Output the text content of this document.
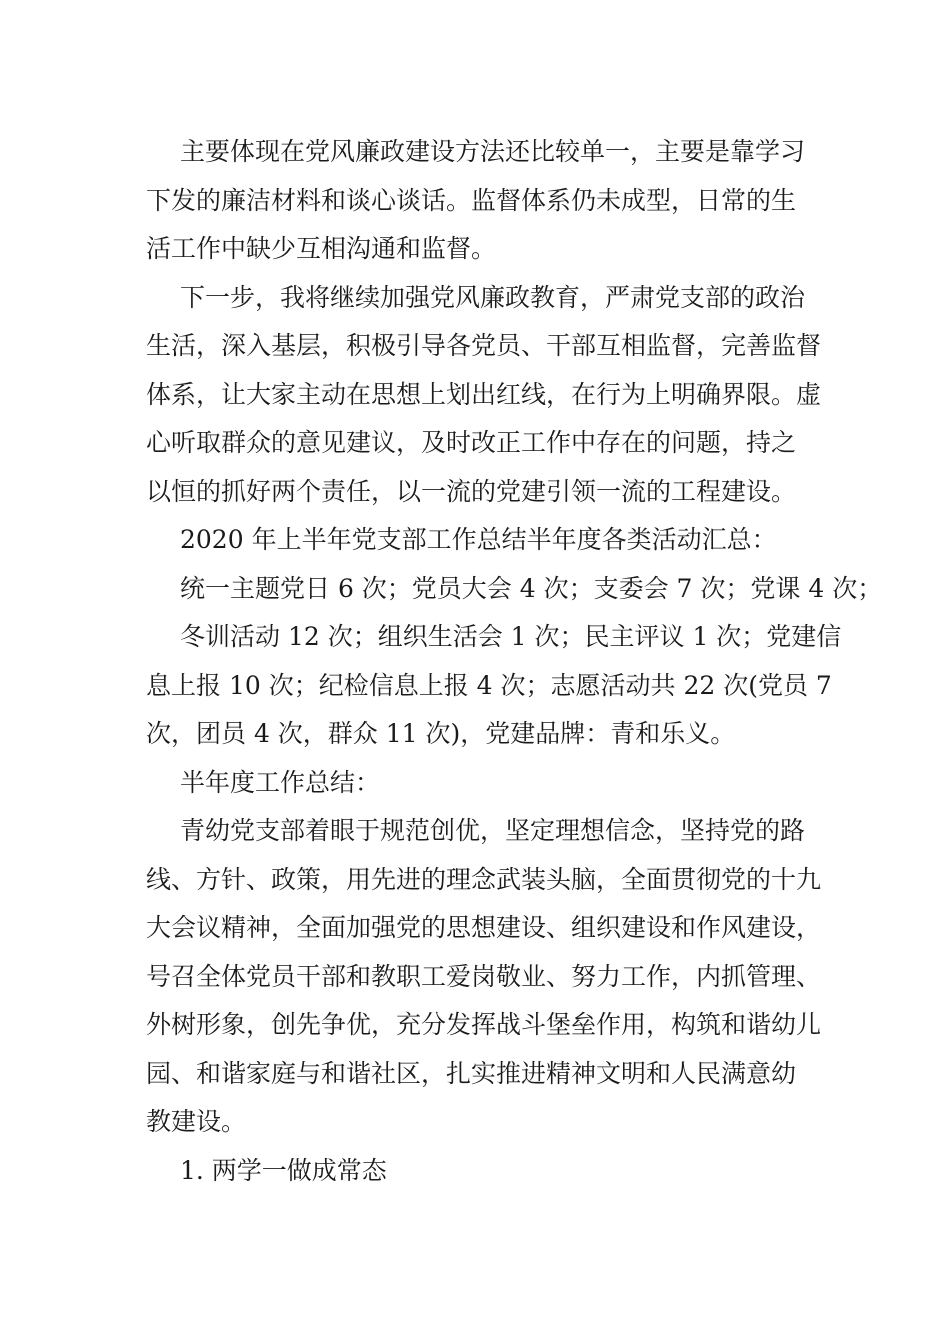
主要体现在党风廉政建设方法还比较单一，主要是靠学习
下发的廉洁材料和谈心谈话。监督体系仍未成型，日常的生
活工作中缺少互相沟通和监督。

下一步，我将继续加强党风廉政教育，严肃党支部的政治
生活，深入基层，积极引导各党员、干部互相监督，完善监督
体系，让大家主动在思想上划出红线，在行为上明确界限。虚
心听取群众的意见建议，及时改正工作中存在的问题，持之
以恒的抓好两个责任，以一流的党建引领一流的工程建设。

2020 年上半年党支部工作总结半年度各类活动汇总：

统一主题党日 6 次；党员大会 4 次；支委会 7 次；党课 4 次；

冬训活动 12 次；组织生活会 1 次；民主评议 1 次；党建信
息上报 10 次；纪检信息上报 4 次；志愿活动共 22 次(党员 7
次，团员 4 次，群众 11 次)，党建品牌：青和乐义。

半年度工作总结：

青幼党支部着眼于规范创优，坚定理想信念，坚持党的路
线、方针、政策，用先进的理念武装头脑，全面贯彻党的十九
大会议精神，全面加强党的思想建设、组织建设和作风建设，
号召全体党员干部和教职工爱岗敬业、努力工作，内抓管理、
外树形象，创先争优，充分发挥战斗堡垒作用，构筑和谐幼儿
园、和谐家庭与和谐社区，扎实推进精神文明和人民满意幼
教建设。

1. 两学一做成常态
